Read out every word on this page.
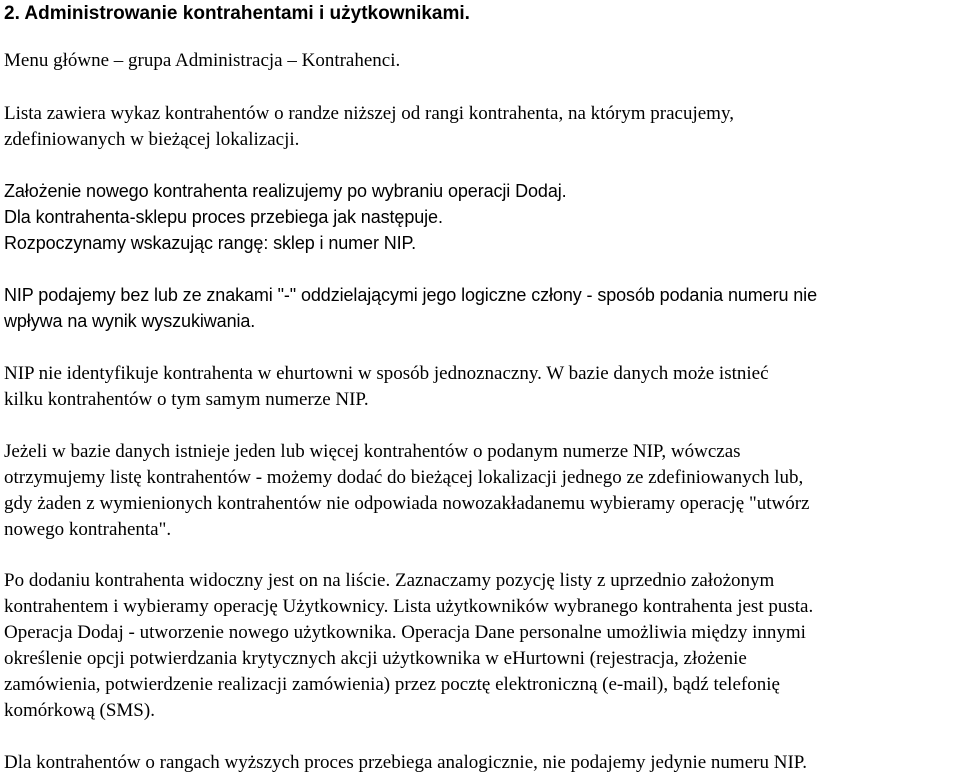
2. Administrowanie kontrahentami i użytkownikami.
Menu główne – grupa Administracja – Kontrahenci.
Lista zawiera wykaz kontrahentów o randze niższej od rangi kontrahenta, na którym pracujemy,
zdefiniowanych w bieżącej lokalizacji.
Założenie nowego kontrahenta realizujemy po wybraniu operacji Dodaj.
Dla kontrahenta-sklepu proces przebiega jak następuje.
Rozpoczynamy wskazując rangę: sklep i numer NIP.
NIP podajemy bez lub ze znakami "-" oddzielającymi jego logiczne człony - sposób podania numeru nie
wpływa na wynik wyszukiwania.
NIP nie identyfikuje kontrahenta w ehurtowni w sposób jednoznaczny. W bazie danych może istnieć
kilku kontrahentów o tym samym numerze NIP.
Jeżeli w bazie danych istnieje jeden lub więcej kontrahentów o podanym numerze NIP, wówczas
otrzymujemy listę kontrahentów - możemy dodać do bieżącej lokalizacji jednego ze zdefiniowanych lub,
gdy żaden z wymienionych kontrahentów nie odpowiada nowozakładanemu wybieramy operację "utwórz
nowego kontrahenta".
Po dodaniu kontrahenta widoczny jest on na liście. Zaznaczamy pozycję listy z uprzednio założonym
kontrahentem i wybieramy operację Użytkownicy. Lista użytkowników wybranego kontrahenta jest pusta.
Operacja Dodaj - utworzenie nowego użytkownika. Operacja Dane personalne umożliwia między innymi
określenie opcji potwierdzania krytycznych akcji użytkownika w eHurtowni (rejestracja, złożenie
zamówienia, potwierdzenie realizacji zamówienia) przez pocztę elektroniczną (e-mail), bądź telefonię
komórkową (SMS).
Dla kontrahentów o rangach wyższych proces przebiega analogicznie, nie podajemy jedynie numeru NIP.
